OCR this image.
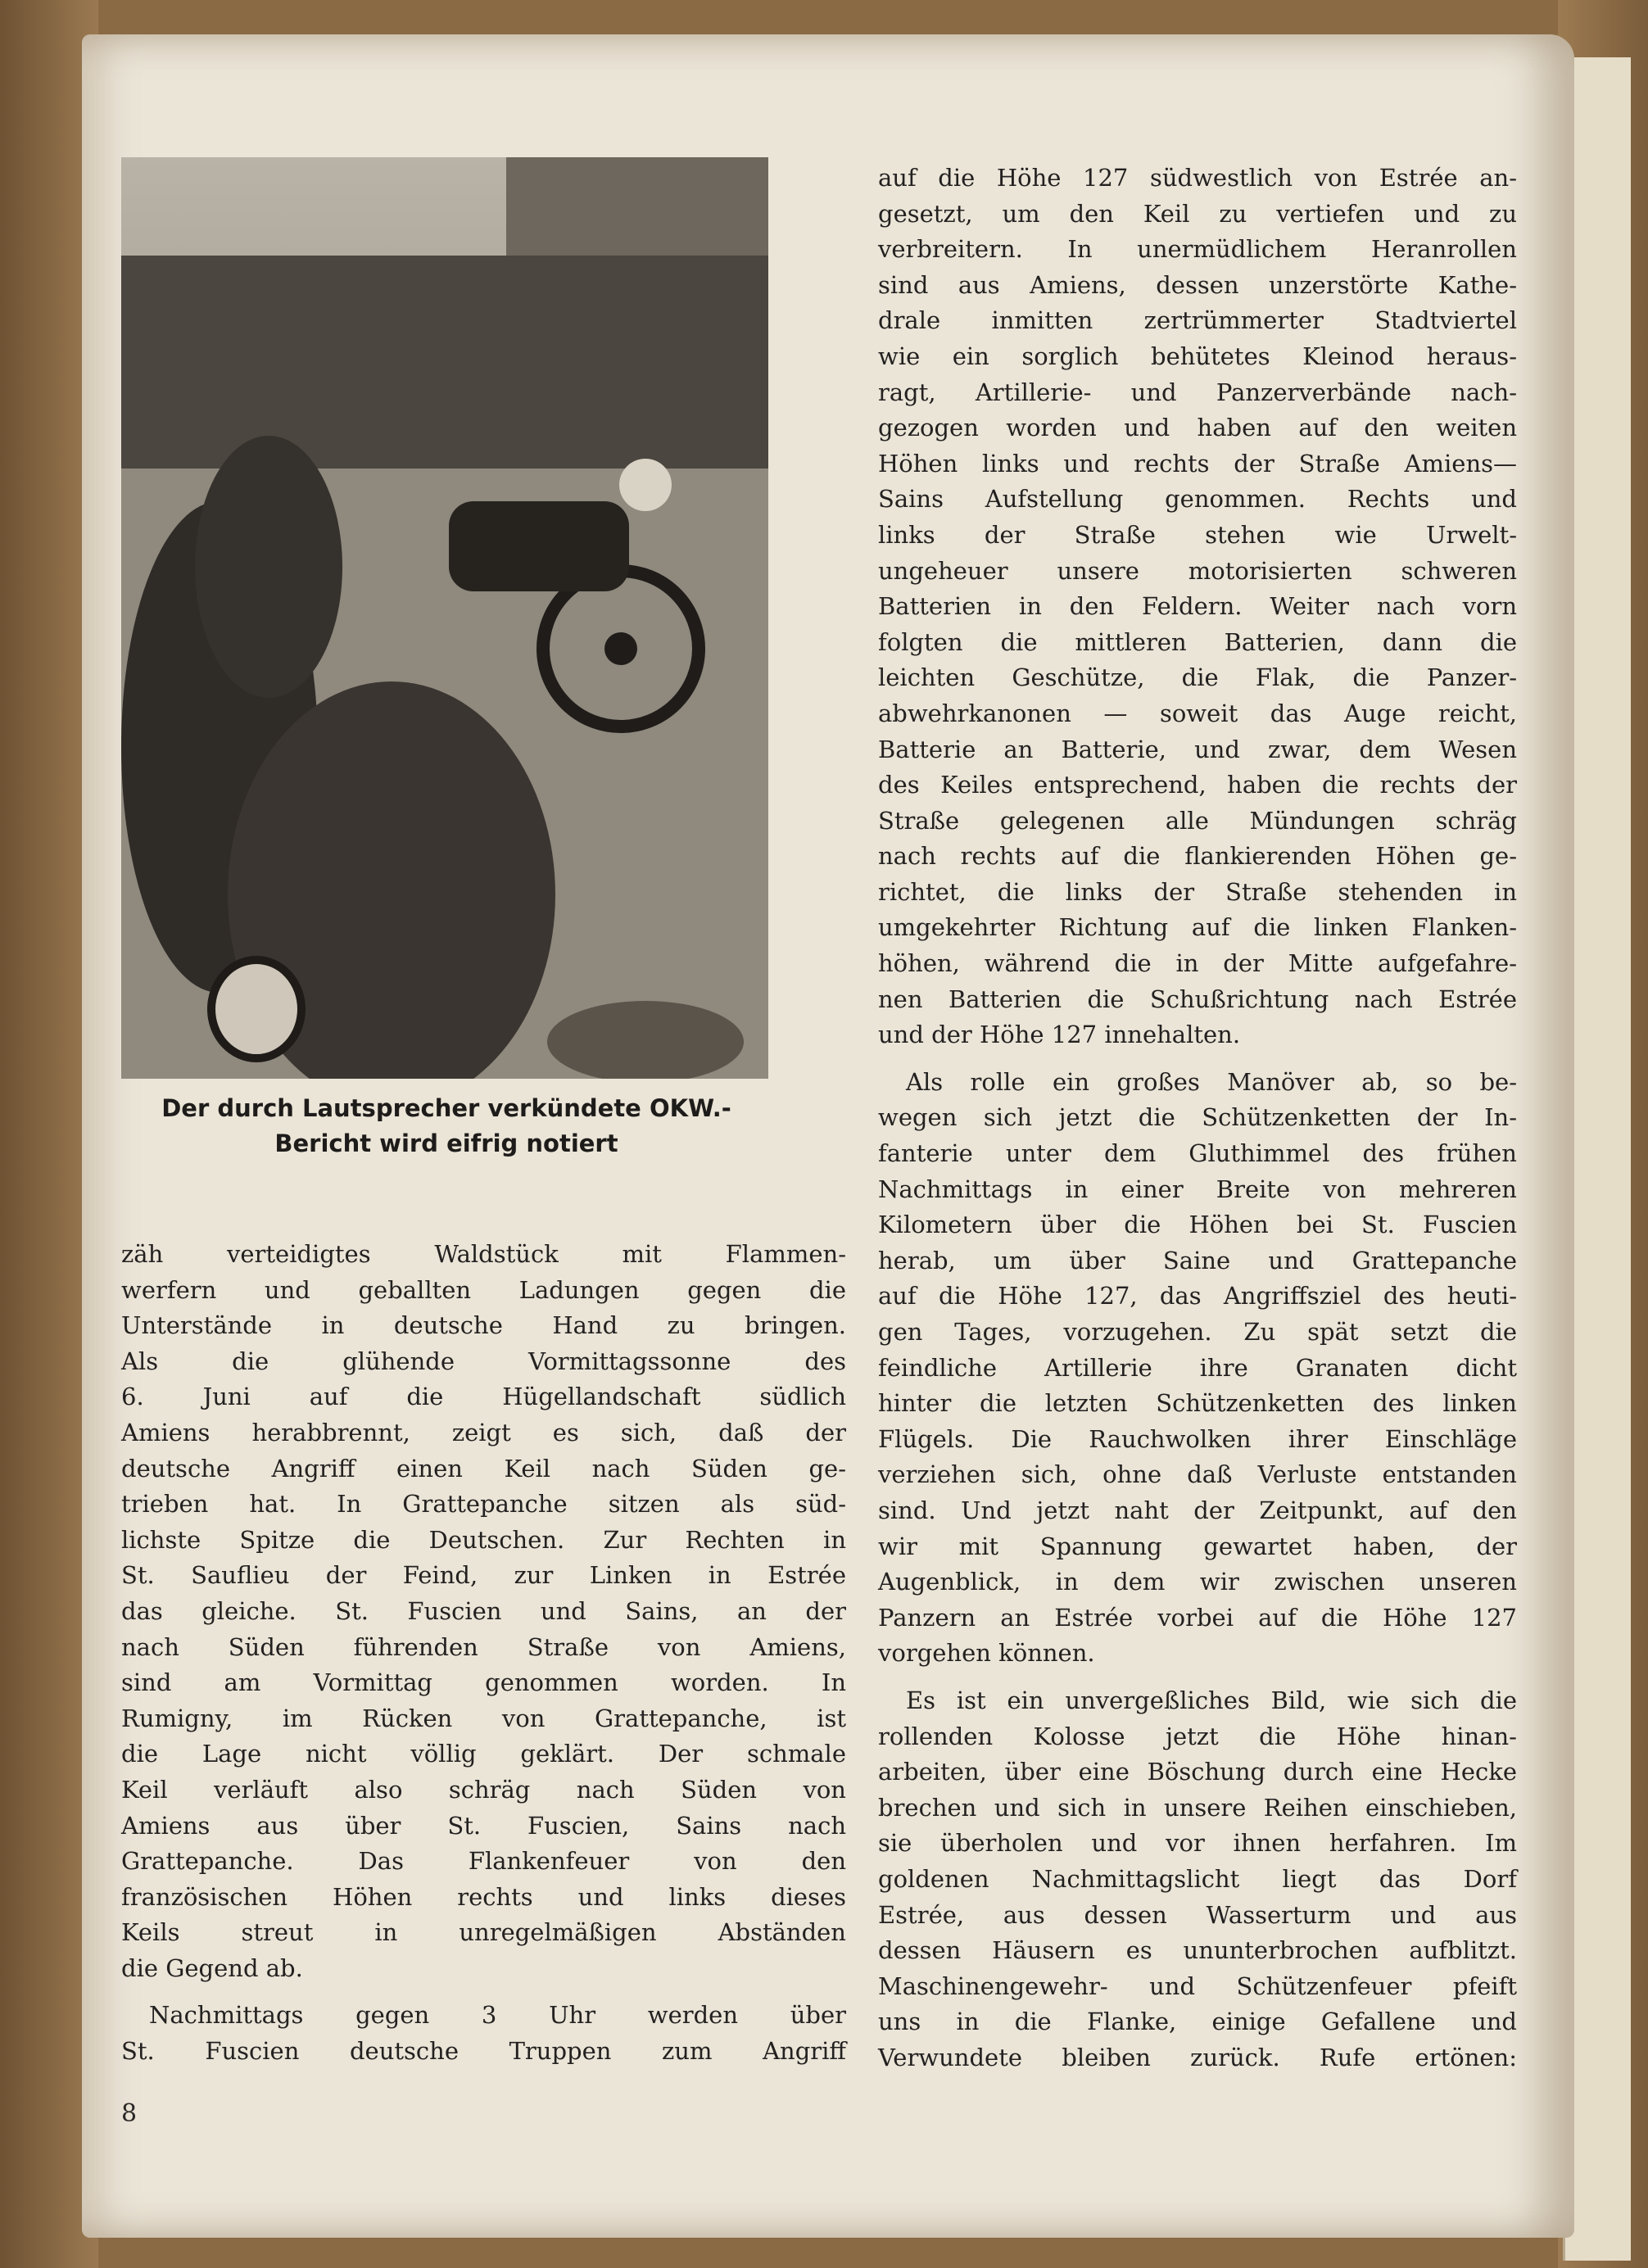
Der durch Lautsprecher verkündete OKW.-
Bericht wird eifrig notiert

auf die Höhe 127 südwestlich von Estrée an-

gesetzt, um den Keil zu vertiefen und zu

verbreitern. In unermüdlichem Heranrollen

sind aus Amiens, dessen unzerstörte Kathe-

drale inmitten zertrümmerter Stadtviertel

wie ein sorglich behütetes Kleinod heraus-

ragt, Artillerie- und Panzerverbände nach-

gezogen worden und haben auf den weiten

Höhen links und rechts der Straße Amiens—

Sains Aufstellung genommen. Rechts und

links der Straße stehen wie Urwelt-

ungeheuer unsere motorisierten schweren

Batterien in den Feldern. Weiter nach vorn

folgten die mittleren Batterien, dann die

leichten Geschütze, die Flak, die Panzer-

abwehrkanonen — soweit das Auge reicht,

Batterie an Batterie, und zwar, dem Wesen

des Keiles entsprechend, haben die rechts der

Straße gelegenen alle Mündungen schräg

nach rechts auf die flankierenden Höhen ge-

richtet, die links der Straße stehenden in

umgekehrter Richtung auf die linken Flanken-

höhen, während die in der Mitte aufgefahre-

nen Batterien die Schußrichtung nach Estrée

und der Höhe 127 innehalten.

Als rolle ein großes Manöver ab, so be-

wegen sich jetzt die Schützenketten der In-

fanterie unter dem Gluthimmel des frühen

Nachmittags in einer Breite von mehreren

Kilometern über die Höhen bei St. Fuscien

herab, um über Saine und Grattepanche

auf die Höhe 127, das Angriffsziel des heuti-

gen Tages, vorzugehen. Zu spät setzt die

feindliche Artillerie ihre Granaten dicht

hinter die letzten Schützenketten des linken

Flügels. Die Rauchwolken ihrer Einschläge

verziehen sich, ohne daß Verluste entstanden

sind. Und jetzt naht der Zeitpunkt, auf den

wir mit Spannung gewartet haben, der

Augenblick, in dem wir zwischen unseren

Panzern an Estrée vorbei auf die Höhe 127

vorgehen können.

Es ist ein unvergeßliches Bild, wie sich die

rollenden Kolosse jetzt die Höhe hinan-

arbeiten, über eine Böschung durch eine Hecke

brechen und sich in unsere Reihen einschieben,

sie überholen und vor ihnen herfahren. Im

goldenen Nachmittagslicht liegt das Dorf

Estrée, aus dessen Wasserturm und aus

dessen Häusern es ununterbrochen aufblitzt.

Maschinengewehr- und Schützenfeuer pfeift

uns in die Flanke, einige Gefallene und

Verwundete bleiben zurück. Rufe ertönen:

zäh verteidigtes Waldstück mit Flammen-

werfern und geballten Ladungen gegen die

Unterstände in deutsche Hand zu bringen.

Als die glühende Vormittagssonne des

6. Juni auf die Hügellandschaft südlich

Amiens herabbrennt, zeigt es sich, daß der

deutsche Angriff einen Keil nach Süden ge-

trieben hat. In Grattepanche sitzen als süd-

lichste Spitze die Deutschen. Zur Rechten in

St. Sauflieu der Feind, zur Linken in Estrée

das gleiche. St. Fuscien und Sains, an der

nach Süden führenden Straße von Amiens,

sind am Vormittag genommen worden. In

Rumigny, im Rücken von Grattepanche, ist

die Lage nicht völlig geklärt. Der schmale

Keil verläuft also schräg nach Süden von

Amiens aus über St. Fuscien, Sains nach

Grattepanche. Das Flankenfeuer von den

französischen Höhen rechts und links dieses

Keils streut in unregelmäßigen Abständen

die Gegend ab.

Nachmittags gegen 3 Uhr werden über

St. Fuscien deutsche Truppen zum Angriff

8
